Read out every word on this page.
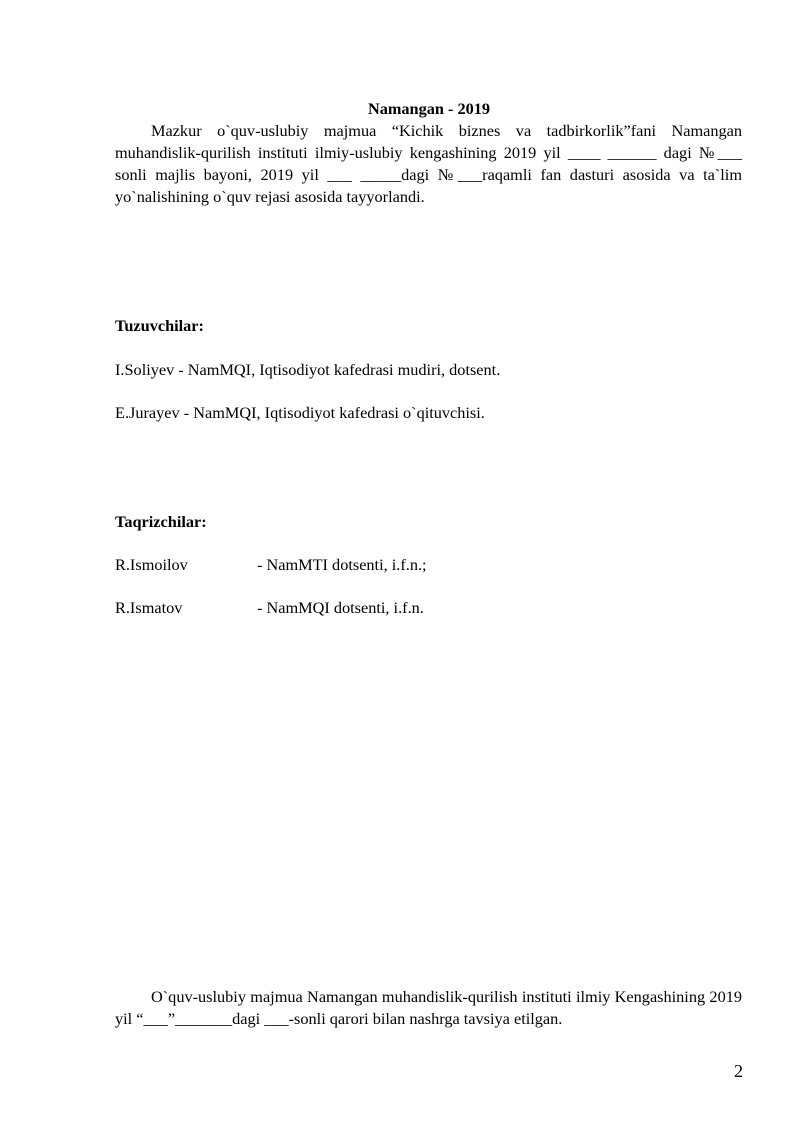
Namangan - 2019
Mazkur o`quv-uslubiy majmua “Kichik biznes va tadbirkorlik”fani Namangan muhandislik-qurilish instituti ilmiy-uslubiy kengashining 2019 yil ____ ______ dagi №___ sonli majlis bayoni, 2019 yil ___ _____dagi №___raqamli fan dasturi asosida va ta`lim yo`nalishining o`quv rejasi asosida tayyorlandi.
Tuzuvchilar:
I.Soliyev - NamMQI, Iqtisodiyot kafedrasi mudiri, dotsent.
E.Jurayev - NamMQI, Iqtisodiyot kafedrasi o`qituvchisi.
Taqrizchilar:
R.Ismoilov	- NamMTI dotsenti, i.f.n.;
R.Ismatov	- NamMQI dotsenti, i.f.n.
O`quv-uslubiy majmua Namangan muhandislik-qurilish instituti ilmiy Kengashining 2019 yil “___”_______dagi ___-sonli qarori bilan nashrga tavsiya etilgan.
2
